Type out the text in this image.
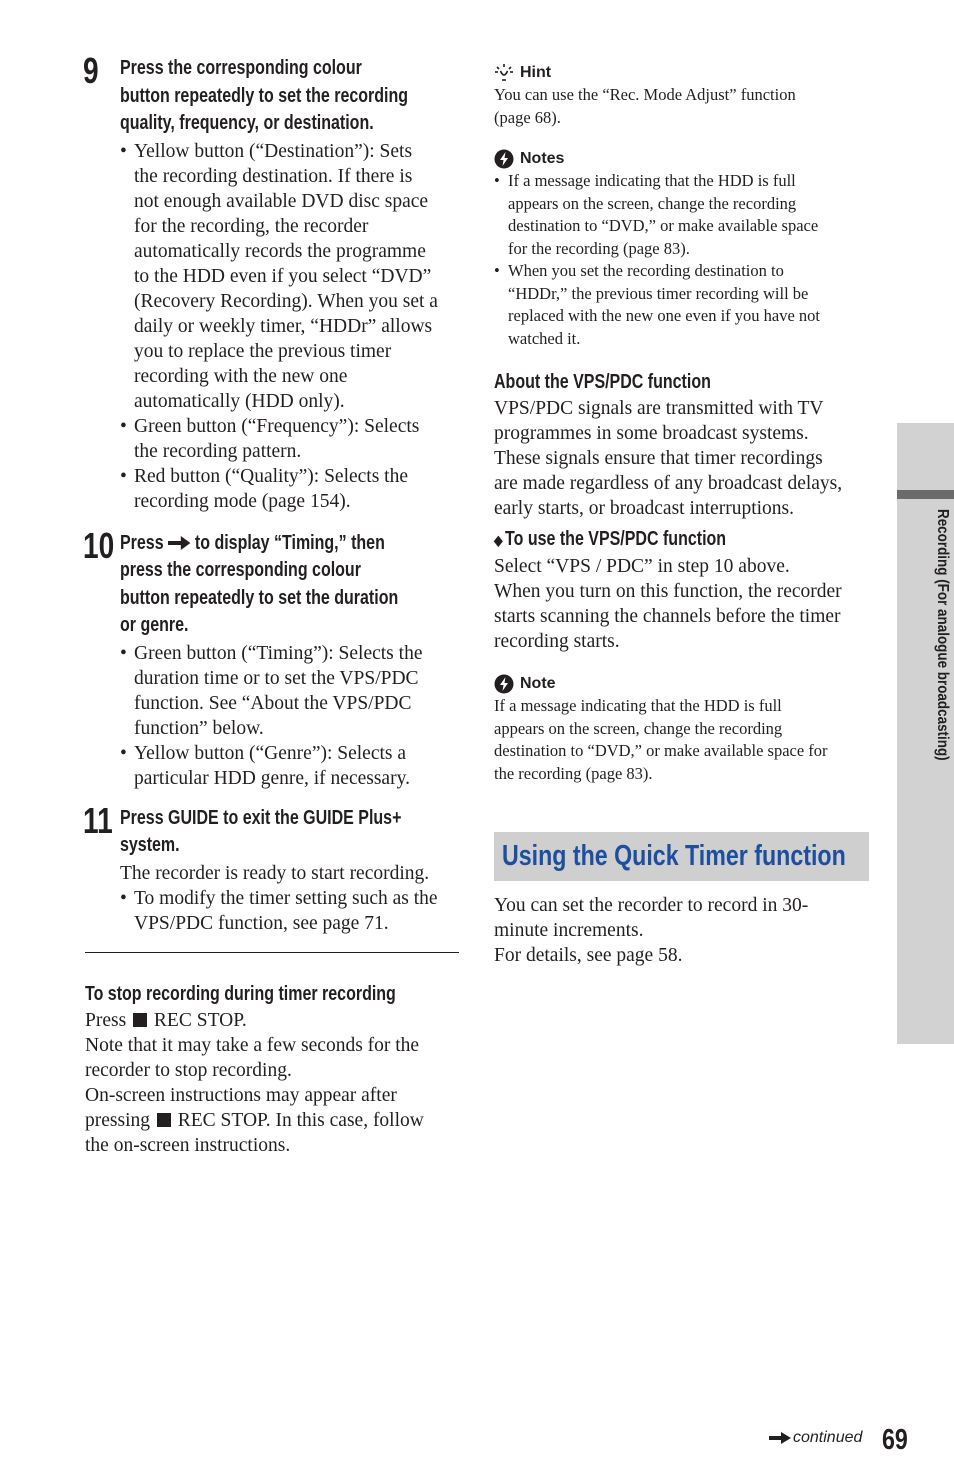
9 Press the corresponding colour
button repeatedly to set the recording
quality, frequency, or destination.
• Yellow button (“Destination”): Sets
the recording destination. If there is
not enough available DVD disc space
for the recording, the recorder
automatically records the programme
to the HDD even if you select “DVD”
(Recovery Recording). When you set a
daily or weekly timer, “HDDr” allows
you to replace the previous timer
recording with the new one
automatically (HDD only).
• Green button (“Frequency”): Selects
the recording pattern.
• Red button (“Quality”): Selects the
recording mode (page 154).
10 Press to display “Timing,” then
press the corresponding colour
button repeatedly to set the duration
or genre.
• Green button (“Timing”): Selects the
duration time or to set the VPS/PDC
function. See “About the VPS/PDC
function” below.
• Yellow button (“Genre”): Selects a
particular HDD genre, if necessary.
11 Press GUIDE to exit the GUIDE Plus+
system.
The recorder is ready to start recording.
• To modify the timer setting such as the
VPS/PDC function, see page 71.
To stop recording during timer recording
Press REC STOP.
Note that it may take a few seconds for the
recorder to stop recording.
On-screen instructions may appear after
pressing REC STOP. In this case, follow
the on-screen instructions.
Hint
You can use the “Rec. Mode Adjust” function
(page 68).
Notes
• If a message indicating that the HDD is full
appears on the screen, change the recording
destination to “DVD,” or make available space
for the recording (page 83).
• When you set the recording destination to
“HDDr,” the previous timer recording will be
replaced with the new one even if you have not
watched it.
About the VPS/PDC function
VPS/PDC signals are transmitted with TV
programmes in some broadcast systems.
These signals ensure that timer recordings
are made regardless of any broadcast delays,
early starts, or broadcast interruptions.
◆ To use the VPS/PDC function
Select “VPS / PDC” in step 10 above.
When you turn on this function, the recorder
starts scanning the channels before the timer
recording starts.
Note
If a message indicating that the HDD is full
appears on the screen, change the recording
destination to “DVD,” or make available space for
the recording (page 83).
Using the Quick Timer function
You can set the recorder to record in 30-
minute increments.
For details, see page 58.
Recording (For analogue broadcasting)
continued 69
